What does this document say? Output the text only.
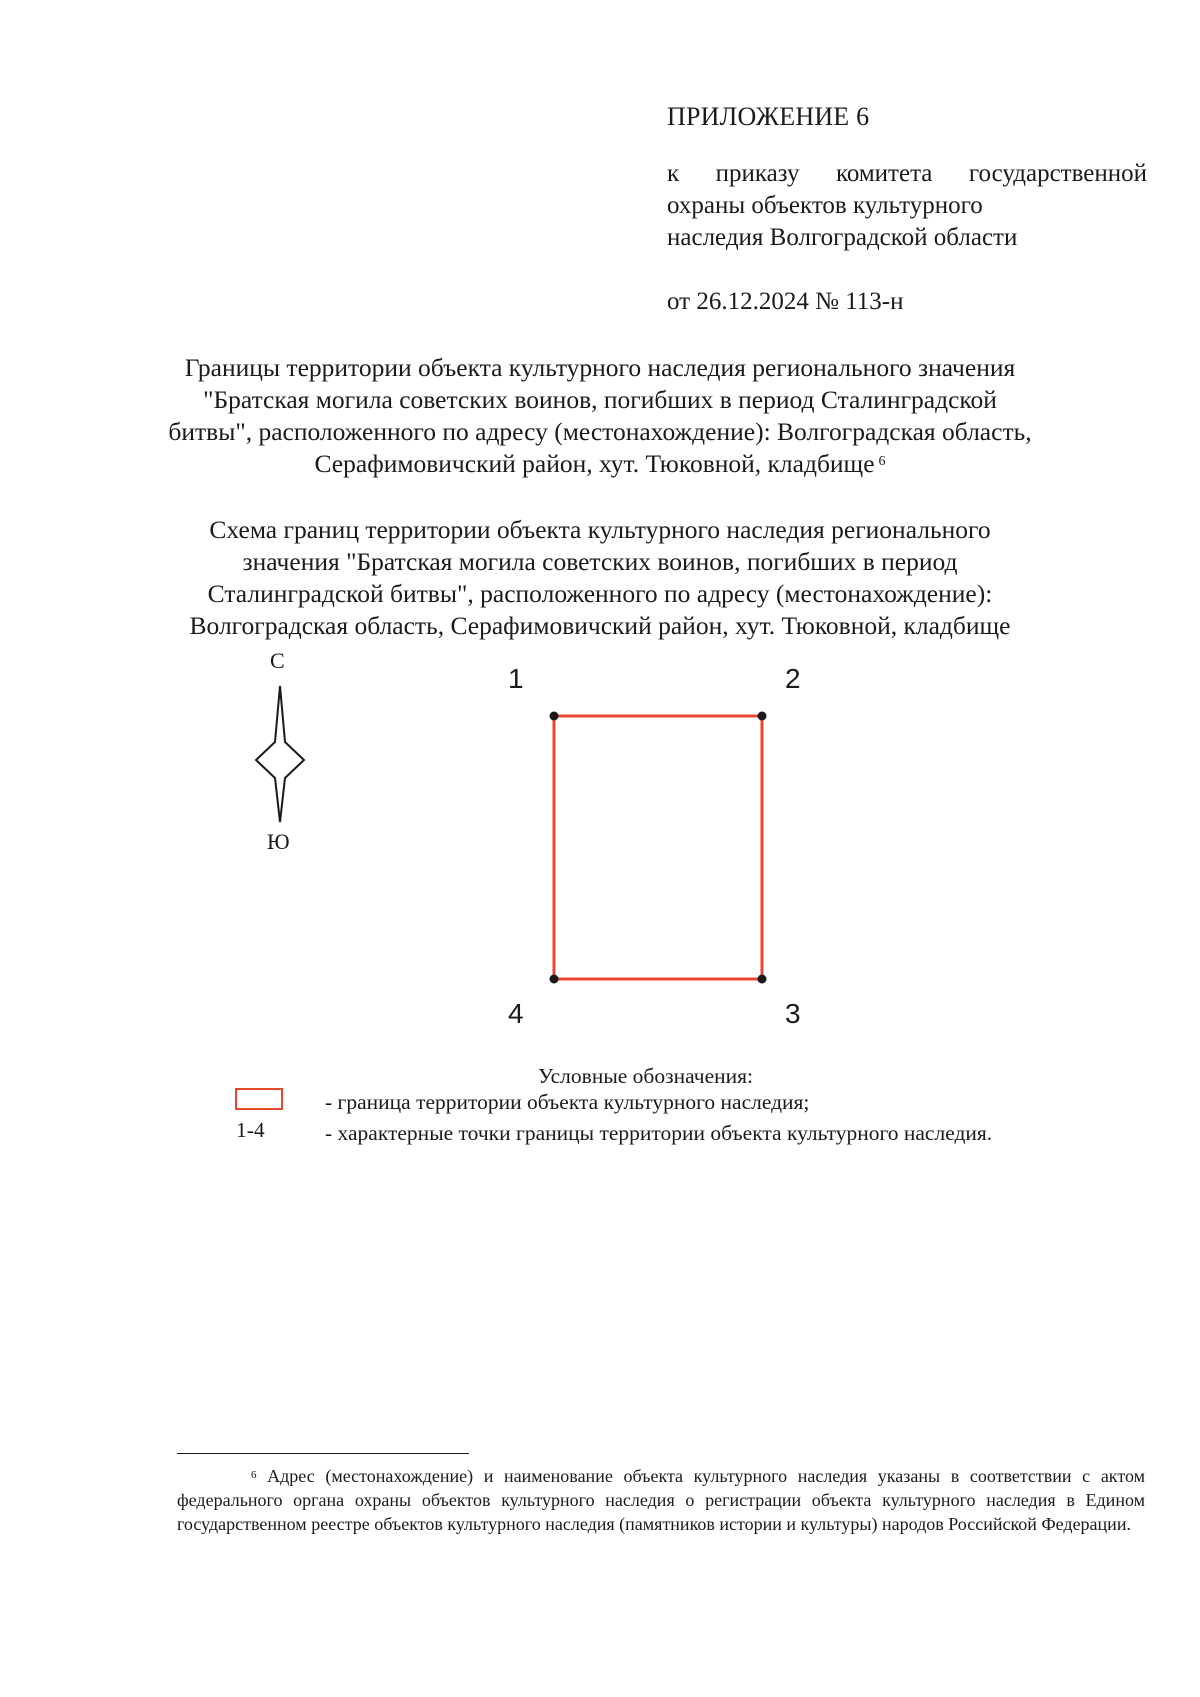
ПРИЛОЖЕНИЕ 6
к приказу комитета государственной
охраны объектов культурного
наследия Волгоградской области
от 26.12.2024 № 113-н
Границы территории объекта культурного наследия регионального значения
"Братская могила советских воинов, погибших в период Сталинградской
битвы", расположенного по адресу (местонахождение): Волгоградская область,
Серафимовичский район, хут. Тюковной, кладбище $^6$
Схема границ территории объекта культурного наследия регионального
значения "Братская могила советских воинов, погибших в период
Сталинградской битвы", расположенного по адресу (местонахождение):
Волгоградская область, Серафимовичский район, хут. Тюковной, кладбище
С
Ю
1	2
3
4
Условные обозначения:
- граница территории объекта культурного наследия;
1-4	- характерные точки границы территории объекта культурного наследия.
$^6$ Адрес (местонахождение) и наименование объекта культурного наследия указаны в соответствии с актом федерального органа охраны объектов культурного наследия о регистрации объекта культурного наследия в Едином государственном реестре объектов культурного наследия (памятников истории и культуры) народов Российской Федерации.
